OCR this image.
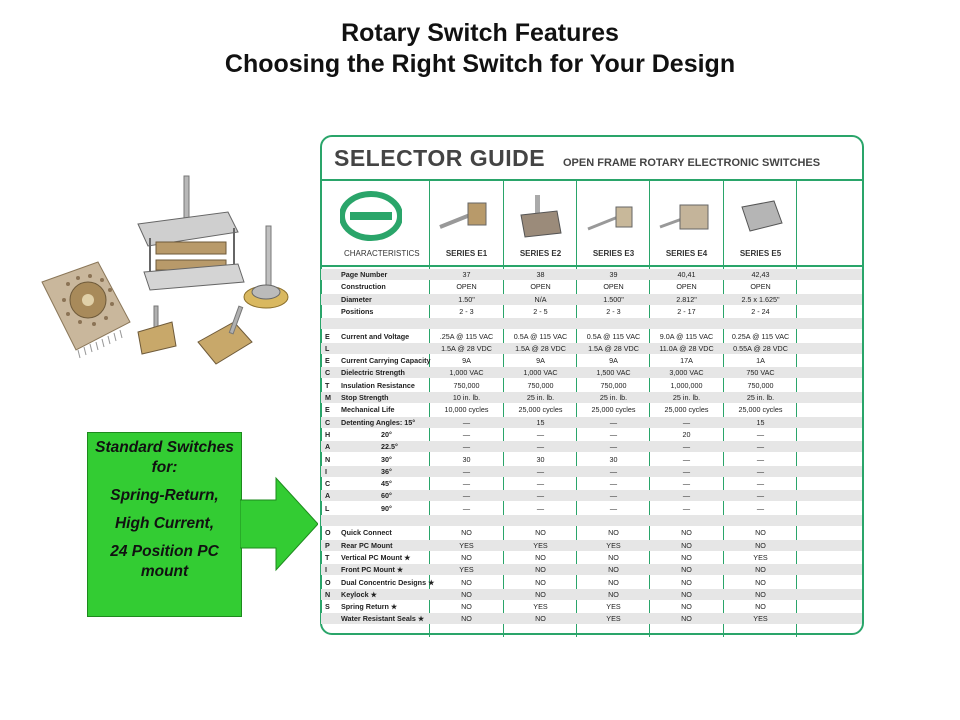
Rotary Switch Features
Choosing the Right Switch for Your Design

Standard Switches for:

Spring-Return,

High Current,

24 Position PC mount

SELECTOR GUIDE OPEN FRAME ROTARY ELECTRONIC SWITCHES
CHARACTERISTICS	SERIES E1	SERIES E2	SERIES E3	SERIES E4	SERIES E5
Page Number	37	38	39	40,41	42,43
Construction	OPEN	OPEN	OPEN	OPEN	OPEN
Diameter	1.50"	N/A	1.500"	2.812"	2.5 x 1.625"
Positions	2 - 3	2 - 5	2 - 3	2 - 17	2 - 24
E Current and Voltage	.25A @ 115 VAC	0.5A @ 115 VAC	0.5A @ 115 VAC	9.0A @ 115 VAC	0.25A @ 115 VAC
L	1.5A @ 28 VDC	1.5A @ 28 VDC	1.5A @ 28 VDC	11.0A @ 28 VDC	0.55A @ 28 VDC
E Current Carrying Capacity	9A	9A	9A	17A	1A
C Dielectric Strength	1,000 VAC	1,000 VAC	1,500 VAC	3,000 VAC	750 VAC
T Insulation Resistance	750,000	750,000	750,000	1,000,000	750,000
M Stop Strength	10 in. lb.	25 in. lb.	25 in. lb.	25 in. lb.	25 in. lb.
E Mechanical Life	10,000 cycles	25,000 cycles	25,000 cycles	25,000 cycles	25,000 cycles
C Detenting Angles: 15°	—	15	—	—	15
H	20°	—	—	—	20	—
A	22.5°	—	—	—	—	—
N	30°	30	30	30	—	—
I	36°	—	—	—	—	—
C	45°	—	—	—	—	—
A	60°	—	—	—	—	—
L	90°	—	—	—	—	—
O Quick Connect	NO	NO	NO	NO	NO
P Rear PC Mount	YES	YES	YES	NO	NO
T Vertical PC Mount ★	NO	NO	NO	NO	YES
I Front PC Mount ★	YES	NO	NO	NO	NO
O Dual Concentric Designs ★	NO	NO	NO	NO	NO
N Keylock ★	NO	NO	NO	NO	NO
S Spring Return ★	NO	YES	YES	NO	NO
Water Resistant Seals ★	NO	NO	YES	NO	YES
